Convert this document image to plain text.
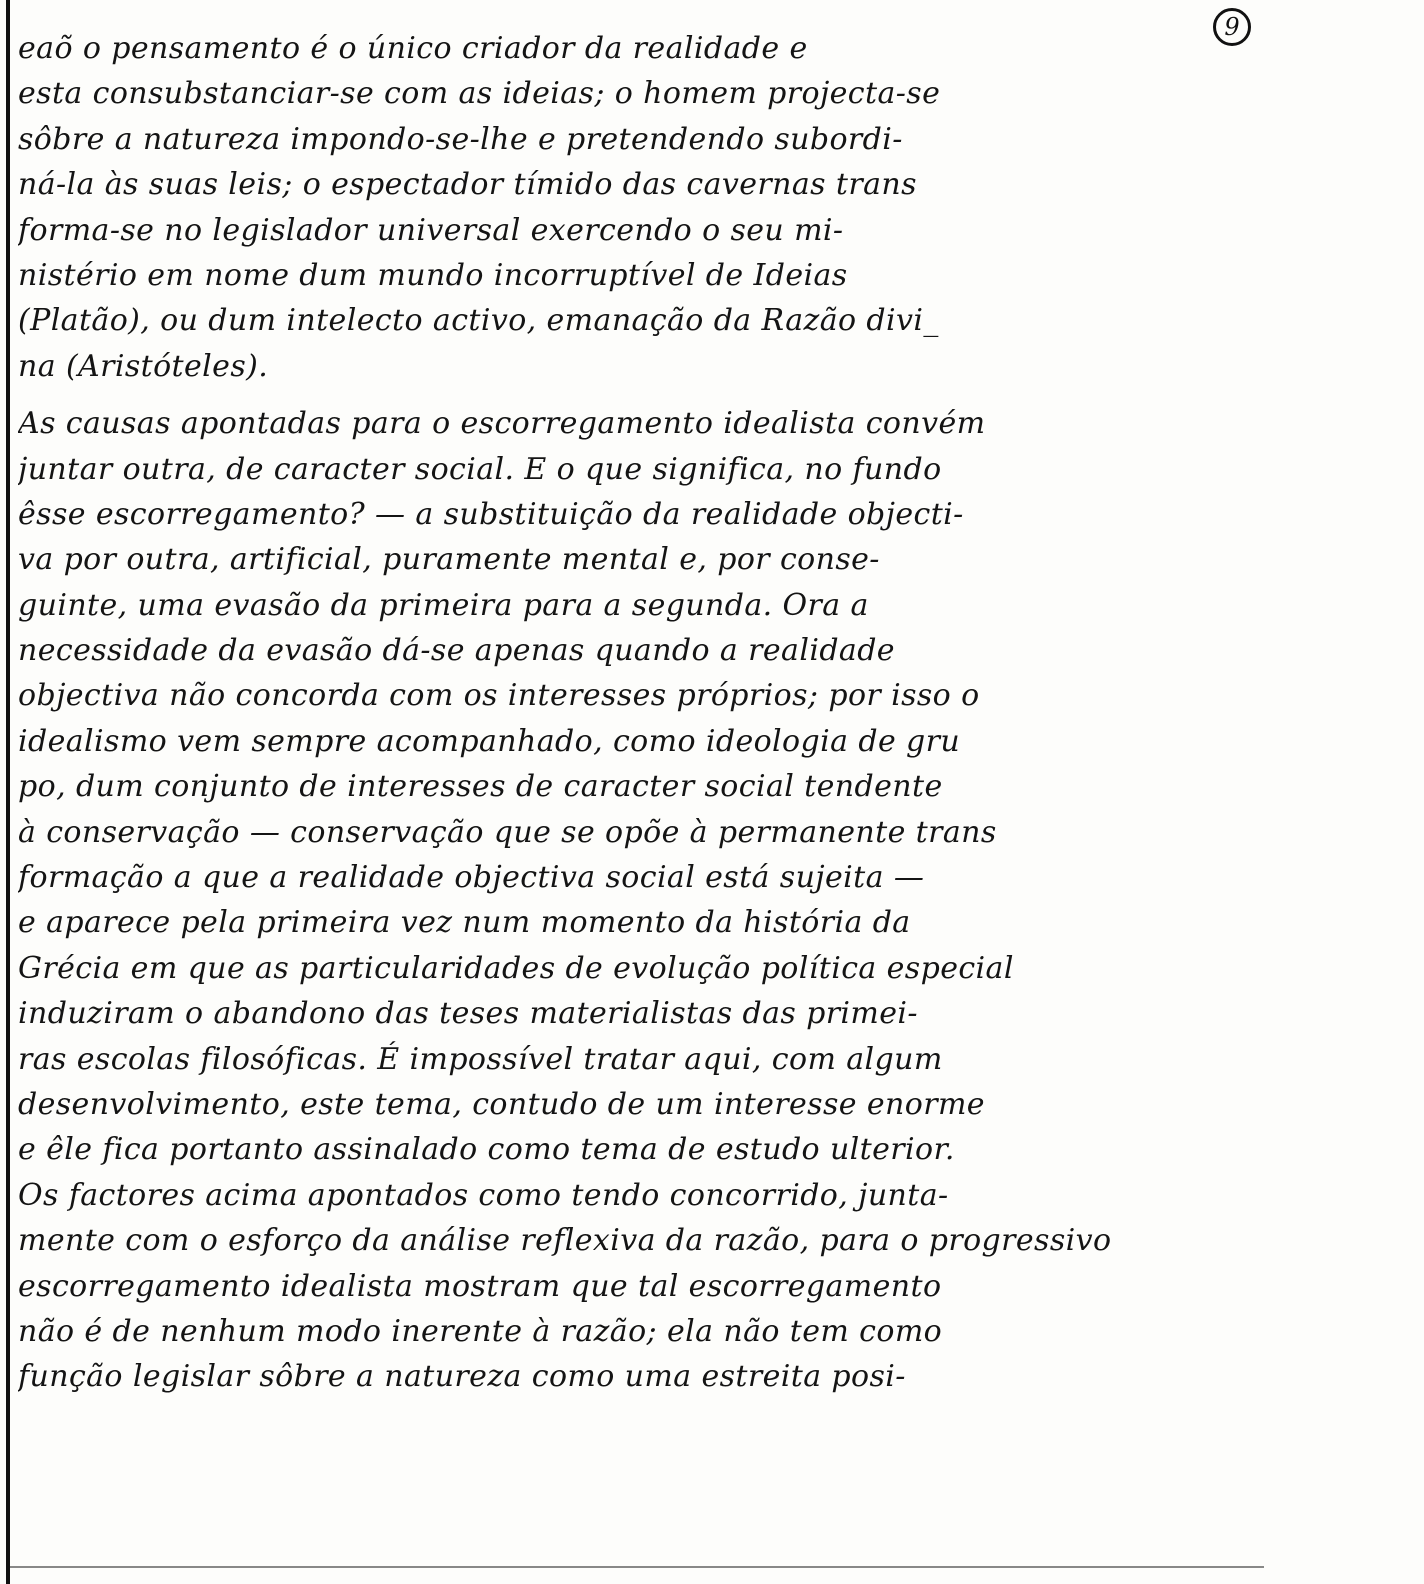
9
eaõ o pensamento é o único criador da realidade e
esta consubstanciar-se com as ideias; o homem projecta-se
sôbre a natureza impondo-se-lhe e pretendendo subordi-
ná-la às suas leis; o espectador tímido das cavernas trans
forma-se no legislador universal exercendo o seu mi-
nistério em nome dum mundo incorruptível de Ideias
(Platão), ou dum intelecto activo, emanação da Razão divi_
na (Aristóteles).
As causas apontadas para o escorregamento idealista convém
juntar outra, de caracter social. E o que significa, no fundo
êsse escorregamento? — a substituição da realidade objecti-
va por outra, artificial, puramente mental e, por conse-
guinte, uma evasão da primeira para a segunda. Ora a
necessidade da evasão dá-se apenas quando a realidade
objectiva não concorda com os interesses próprios; por isso o
idealismo vem sempre acompanhado, como ideologia de gru
po, dum conjunto de interesses de caracter social tendente
à conservação — conservação que se opõe à permanente trans
formação a que a realidade objectiva social está sujeita —
e aparece pela primeira vez num momento da história da
Grécia em que as particularidades de evolução política especial
induziram o abandono das teses materialistas das primei-
ras escolas filosóficas. É impossível tratar aqui, com algum
desenvolvimento, este tema, contudo de um interesse enorme
e êle fica portanto assinalado como tema de estudo ulterior.
Os factores acima apontados como tendo concorrido, junta-
mente com o esforço da análise reflexiva da razão, para o progressivo
escorregamento idealista mostram que tal escorregamento
não é de nenhum modo inerente à razão; ela não tem como
função legislar sôbre a natureza como uma estreita posi-
